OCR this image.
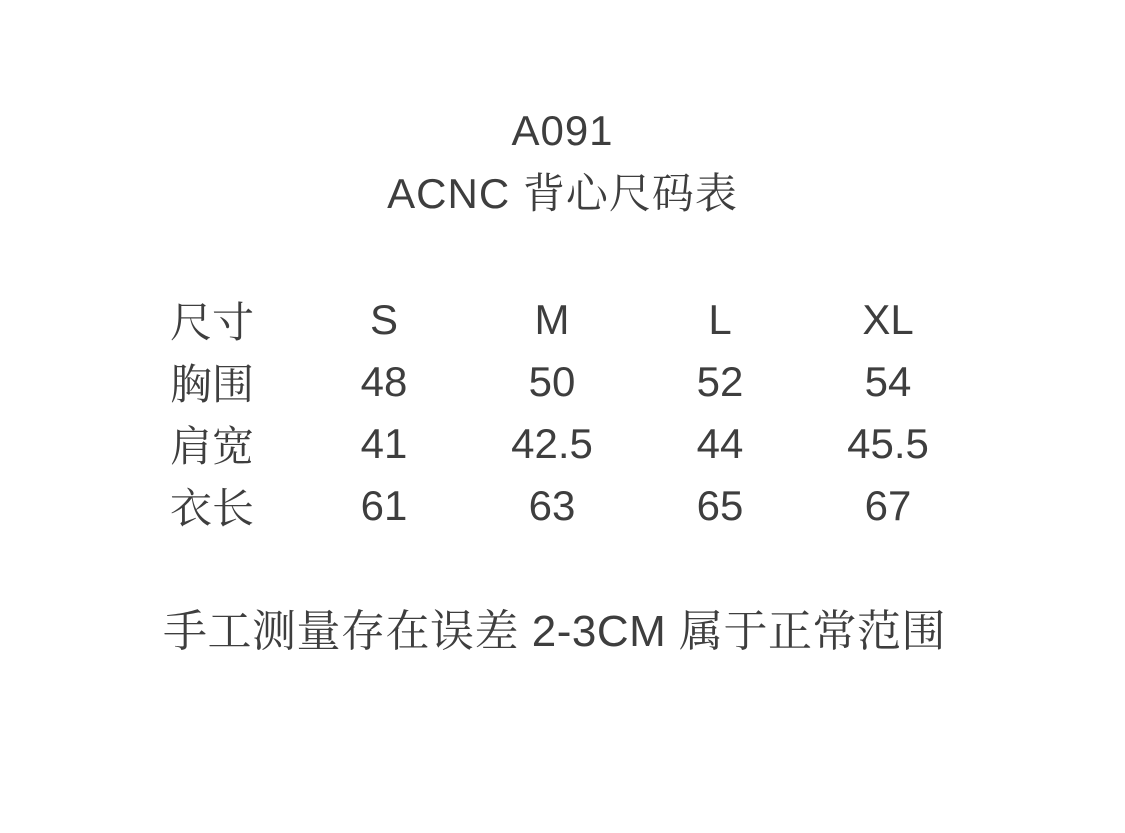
A091
ACNC 背心尺码表
尺寸	S	M	L	XL
胸围	48	50	52	54
肩宽	41	42.5	44	45.5
衣长	61	63	65	67

手工测量存在误差 2-3CM 属于正常范围
